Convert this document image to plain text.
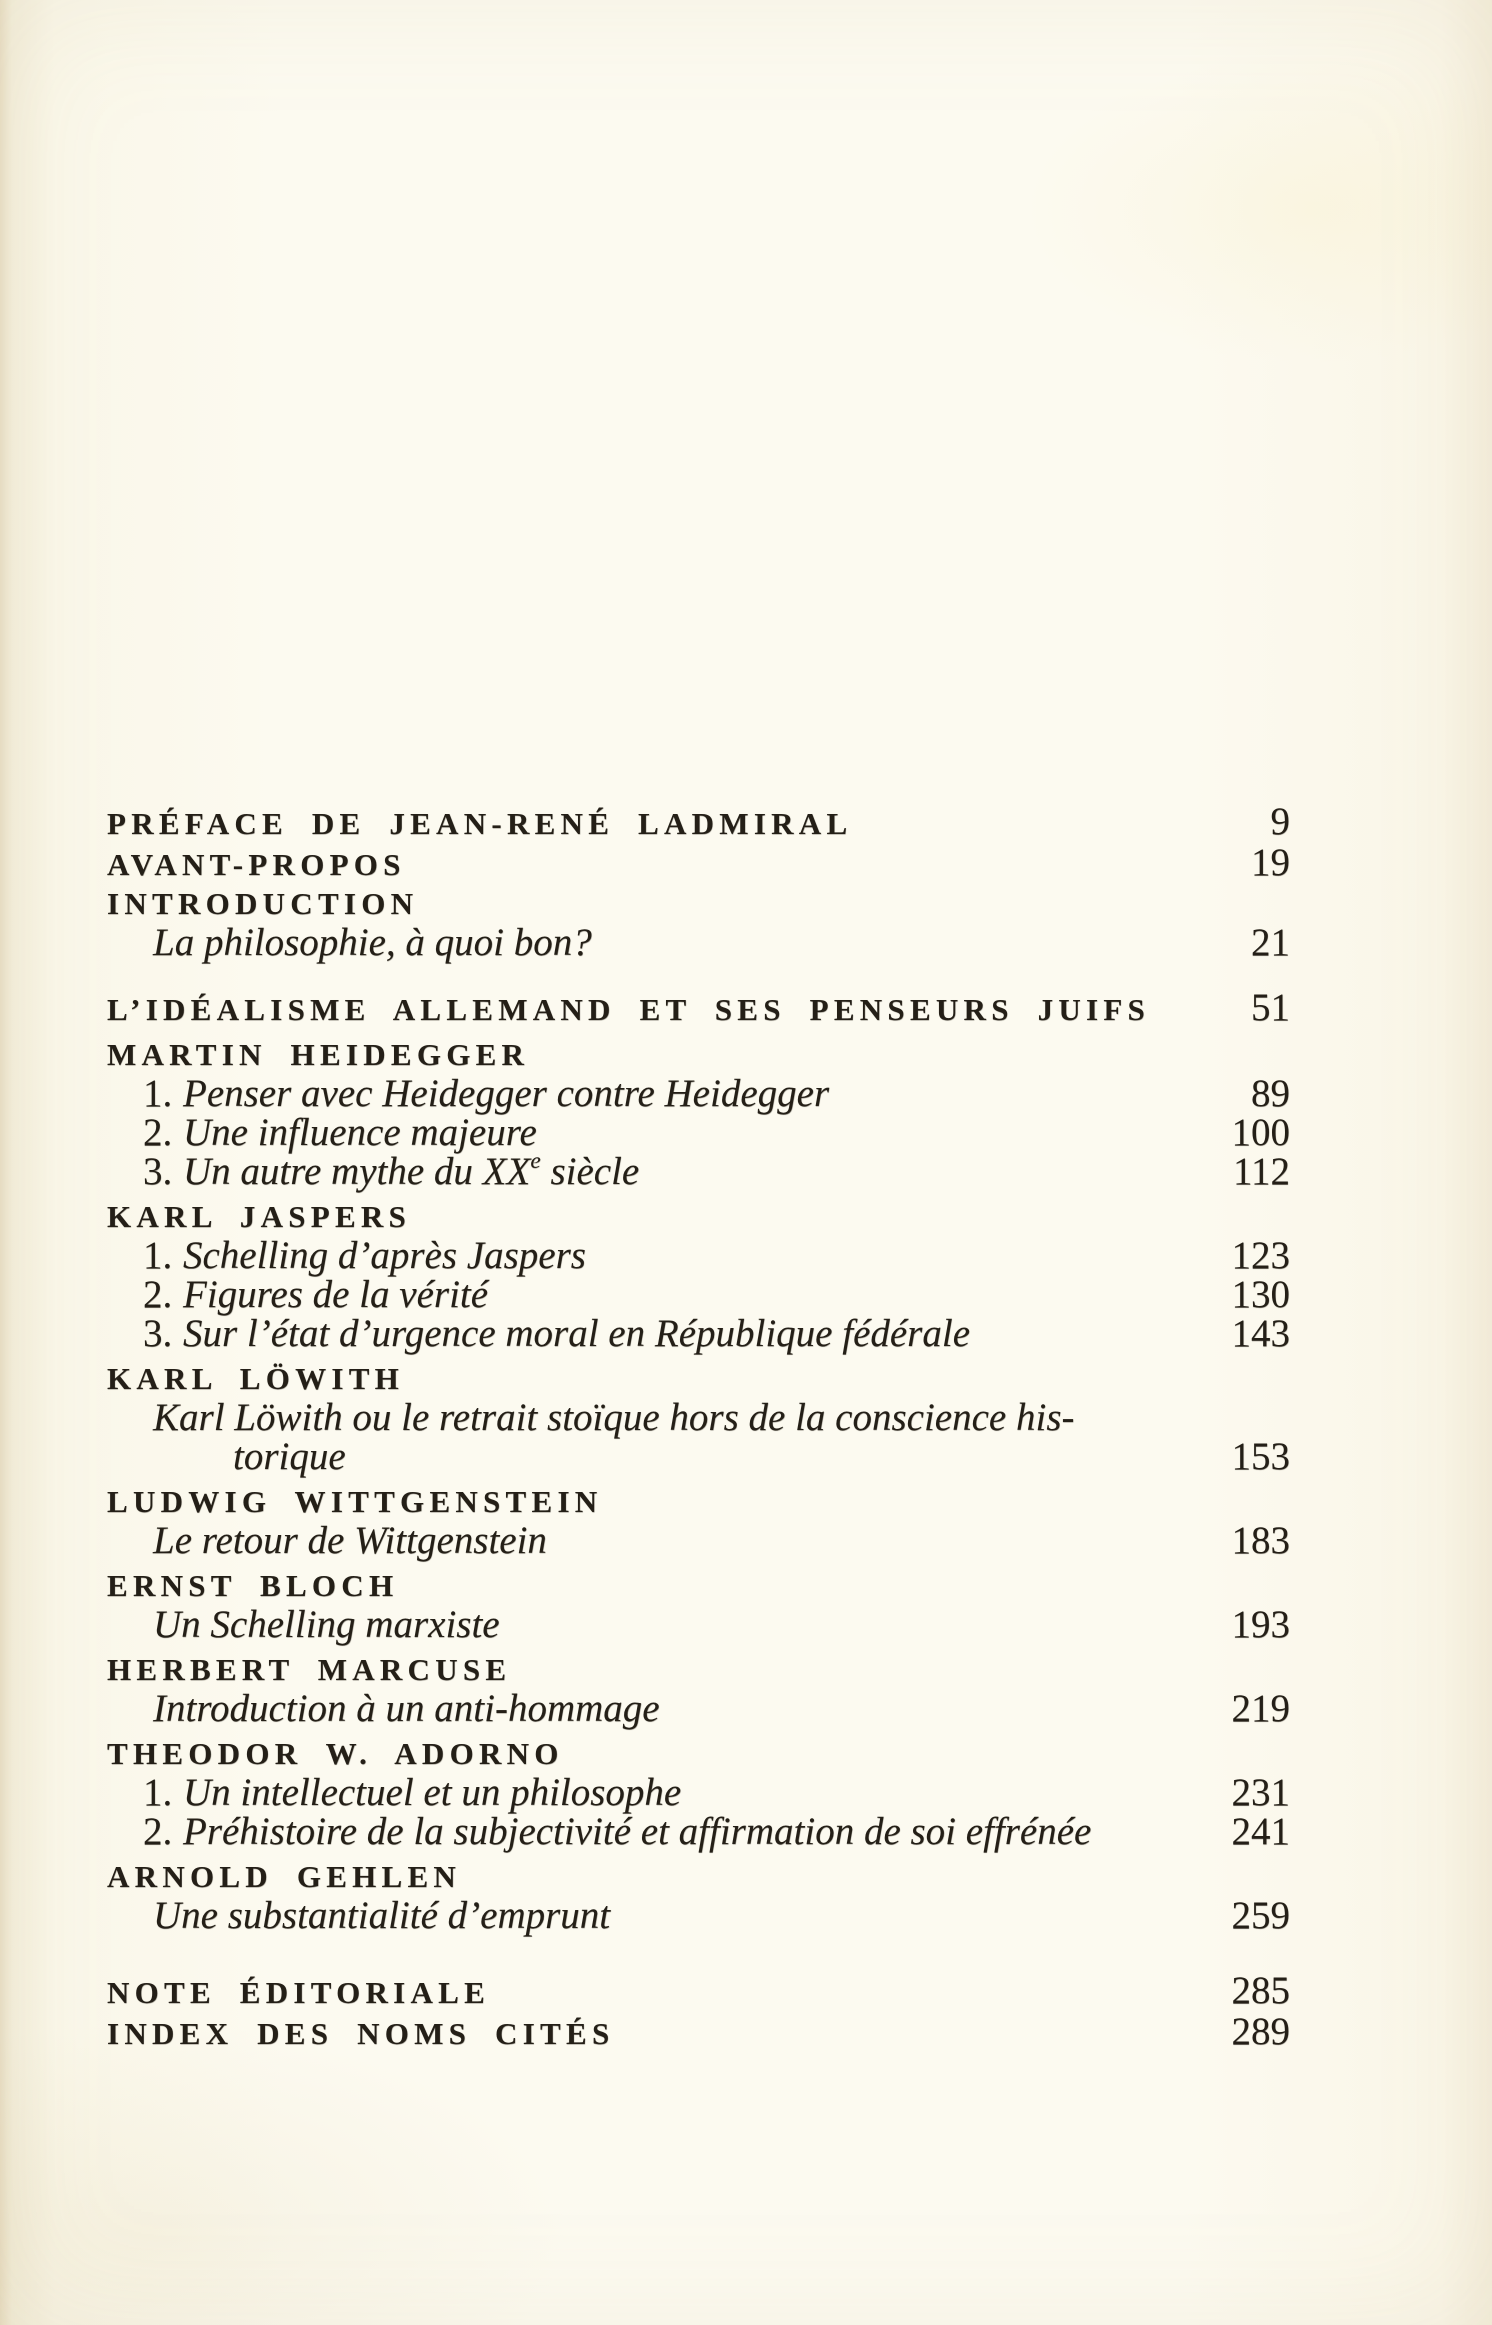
PRÉFACE DE JEAN-RENÉ LADMIRAL	9
AVANT-PROPOS	19
INTRODUCTION
La philosophie, à quoi bon?	21
L’IDÉALISME ALLEMAND ET SES PENSEURS JUIFS	51
MARTIN HEIDEGGER
1. Penser avec Heidegger contre Heidegger	89
2. Une influence majeure	100
3. Un autre mythe du XXe siècle	112
KARL JASPERS
1. Schelling d’après Jaspers	123
2. Figures de la vérité	130
3. Sur l’état d’urgence moral en République fédérale	143
KARL LÖWITH
Karl Löwith ou le retrait stoïque hors de la conscience his-
torique	153
LUDWIG WITTGENSTEIN
Le retour de Wittgenstein	183
ERNST BLOCH
Un Schelling marxiste	193
HERBERT MARCUSE
Introduction à un anti-hommage	219
THEODOR W. ADORNO
1. Un intellectuel et un philosophe	231
2. Préhistoire de la subjectivité et affirmation de soi effrénée	241
ARNOLD GEHLEN
Une substantialité d’emprunt	259
NOTE ÉDITORIALE	285
INDEX DES NOMS CITÉS	289
